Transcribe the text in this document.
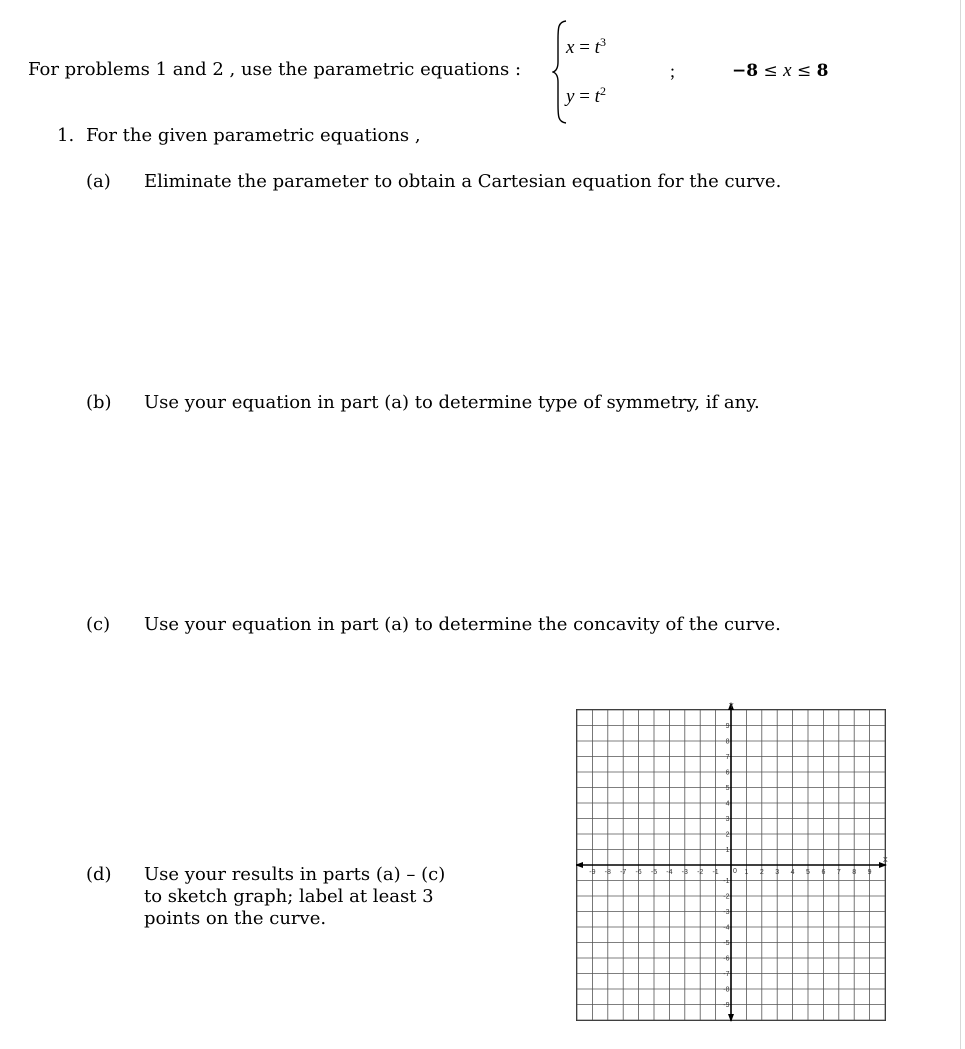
For problems 1 and 2 , use the parametric equations :
$x = t^3$
$y = t^2$
;	−8 ≤ x ≤ 8
1. For the given parametric equations ,
(a) Eliminate the parameter to obtain a Cartesian equation for the curve.
(b) Use your equation in part (a) to determine type of symmetry, if any.
(c) Use your equation in part (a) to determine the concavity of the curve.
(d) Use your results in parts (a) – (c)
to sketch graph; label at least 3
points on the curve.
X
Y
0
-9 -8 -7 -6 -5 -4 -3 -2 -1	1 2 3 4 5 6 7 8 9
9
8
7
6
5
4
3
2
1
-1
-2
-3
-4
-5
-6
-7
-8
-9
